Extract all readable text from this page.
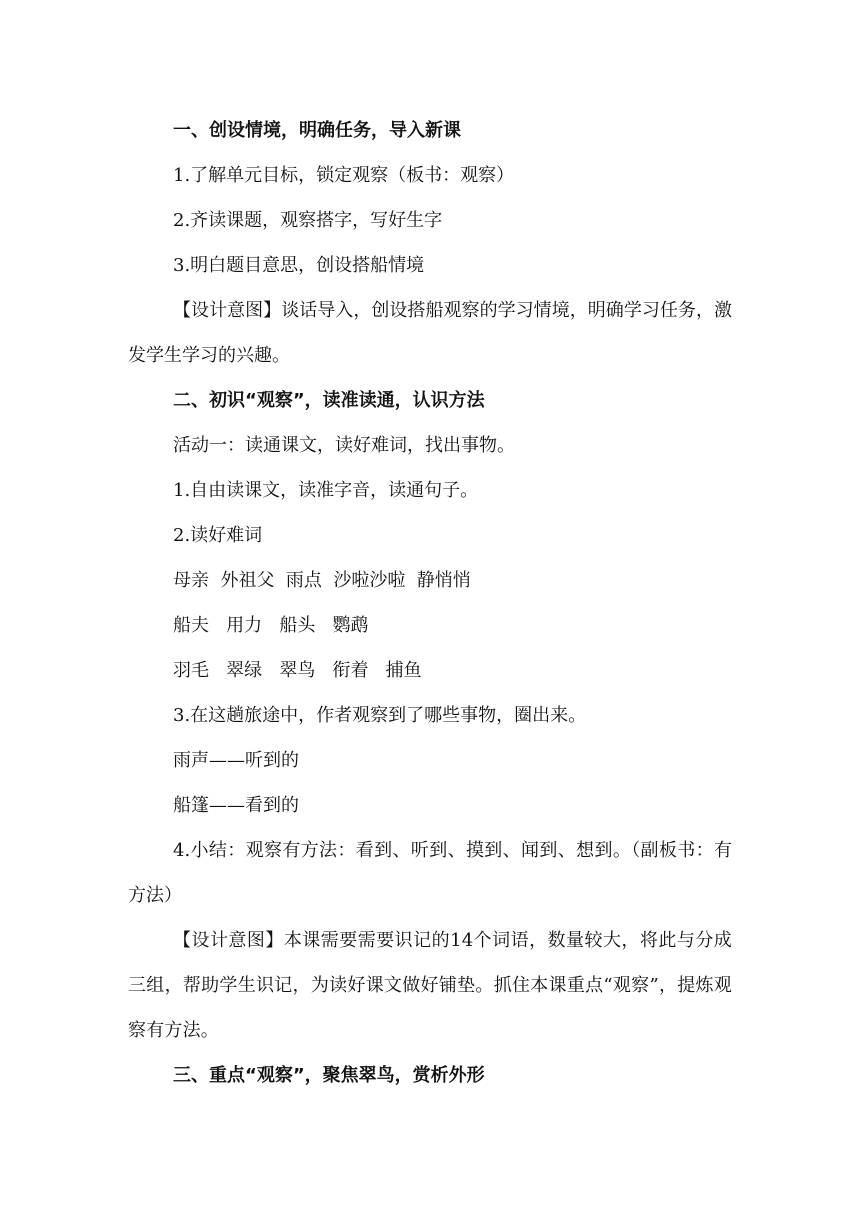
一、创设情境，明确任务，导入新课
1.了解单元目标，锁定观察（板书：观察）
2.齐读课题，观察搭字，写好生字
3.明白题目意思，创设搭船情境
【设计意图】谈话导入，创设搭船观察的学习情境，明确学习任务，激发学生学习的兴趣。
二、初识“观察”，读准读通，认识方法
活动一：读通课文，读好难词，找出事物。
1.自由读课文，读准字音，读通句子。
2.读好难词
母亲  外祖父  雨点  沙啦沙啦  静悄悄
船夫   用力   船头   鹦鹉
羽毛   翠绿   翠鸟   衔着   捕鱼
3.在这趟旅途中，作者观察到了哪些事物，圈出来。
雨声——听到的
船篷——看到的
4.小结：观察有方法：看到、听到、摸到、闻到、想到。（副板书：有方法）
【设计意图】本课需要需要识记的14个词语，数量较大，将此与分成三组，帮助学生识记，为读好课文做好铺垫。抓住本课重点“观察”，提炼观察有方法。
三、重点“观察”，聚焦翠鸟，赏析外形
